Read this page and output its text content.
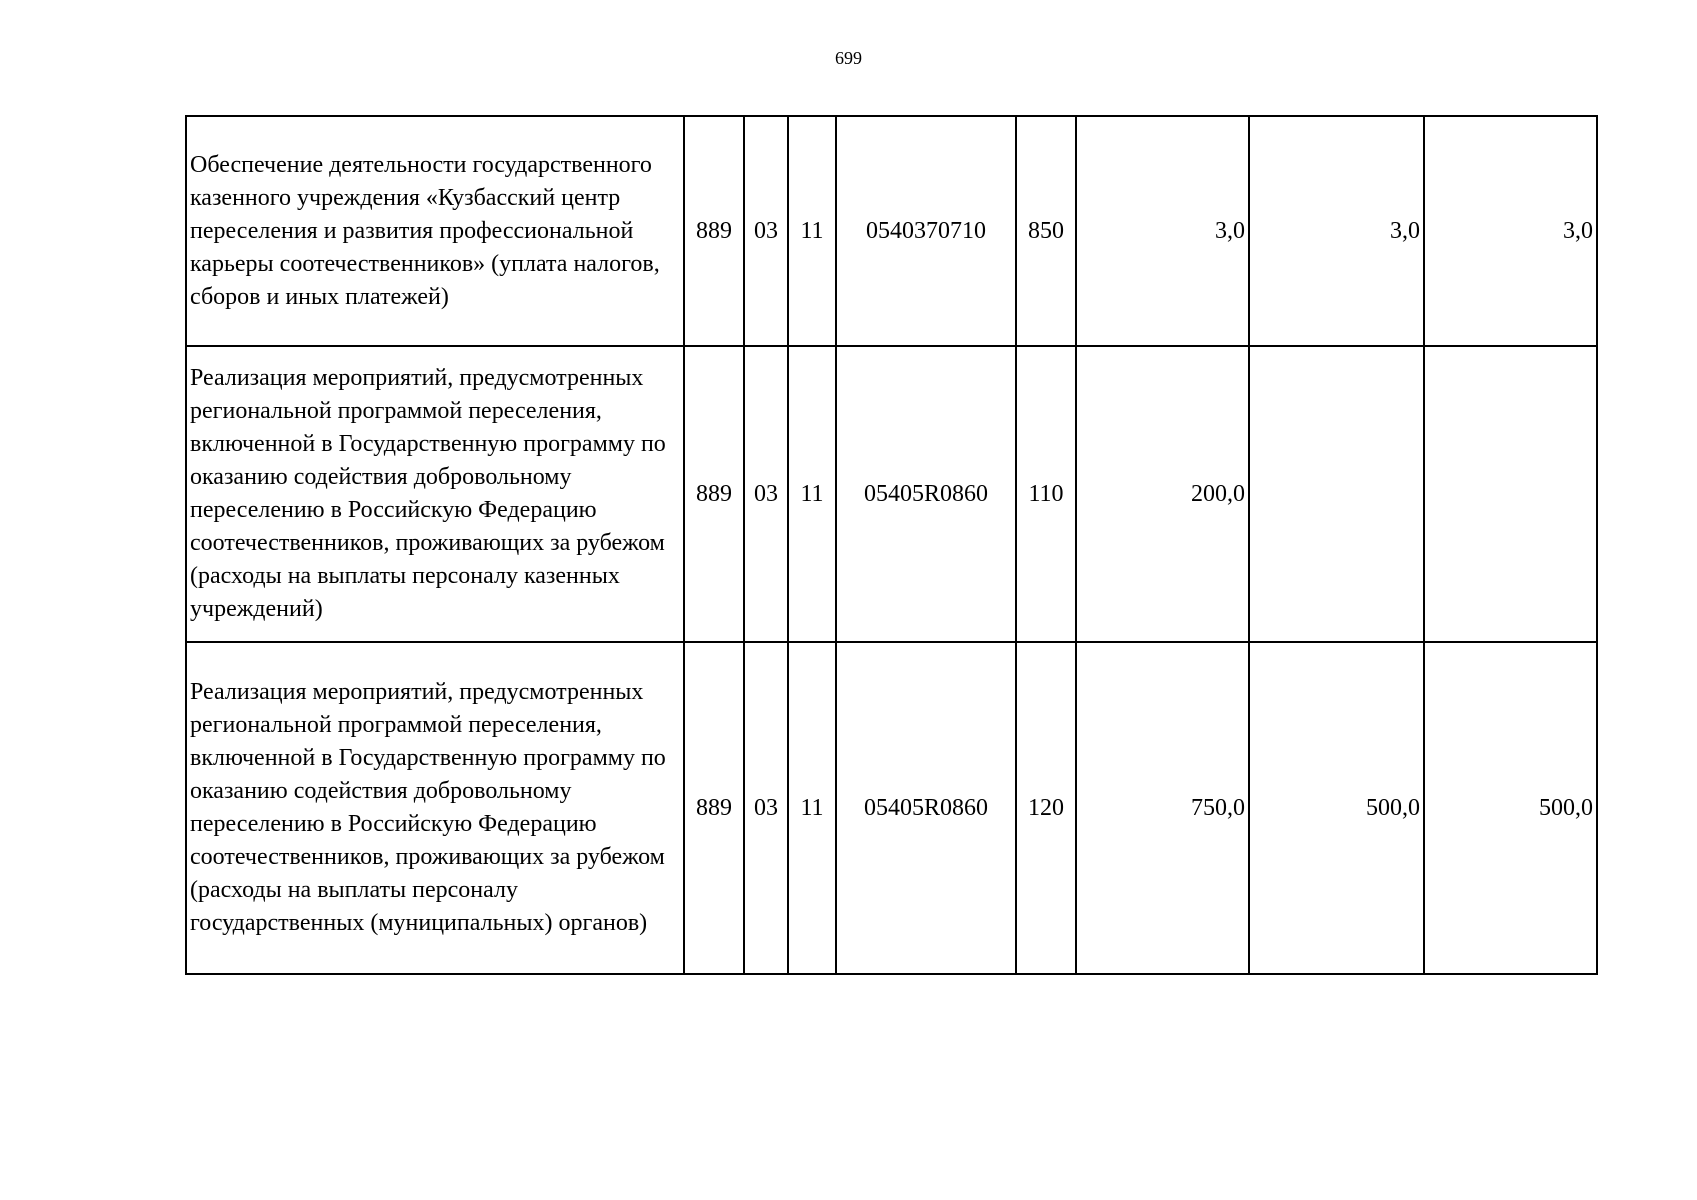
699
Обеспечение деятельности государственного казенного учреждения «Кузбасский центр переселения и развития профессиональной карьеры соотечественников» (уплата налогов, сборов и иных платежей)	889	03	11	0540370710	850	3,0	3,0	3,0
Реализация мероприятий, предусмотренных региональной программой переселения, включенной в Государственную программу по оказанию содействия добровольному переселению в Российскую Федерацию соотечественников, проживающих за рубежом (расходы на выплаты персоналу казенных учреждений)	889	03	11	05405R0860	110	200,0		
Реализация мероприятий, предусмотренных региональной программой переселения, включенной в Государственную программу по оказанию содействия добровольному переселению в Российскую Федерацию соотечественников, проживающих за рубежом (расходы на выплаты персоналу государственных (муниципальных) органов)	889	03	11	05405R0860	120	750,0	500,0	500,0
